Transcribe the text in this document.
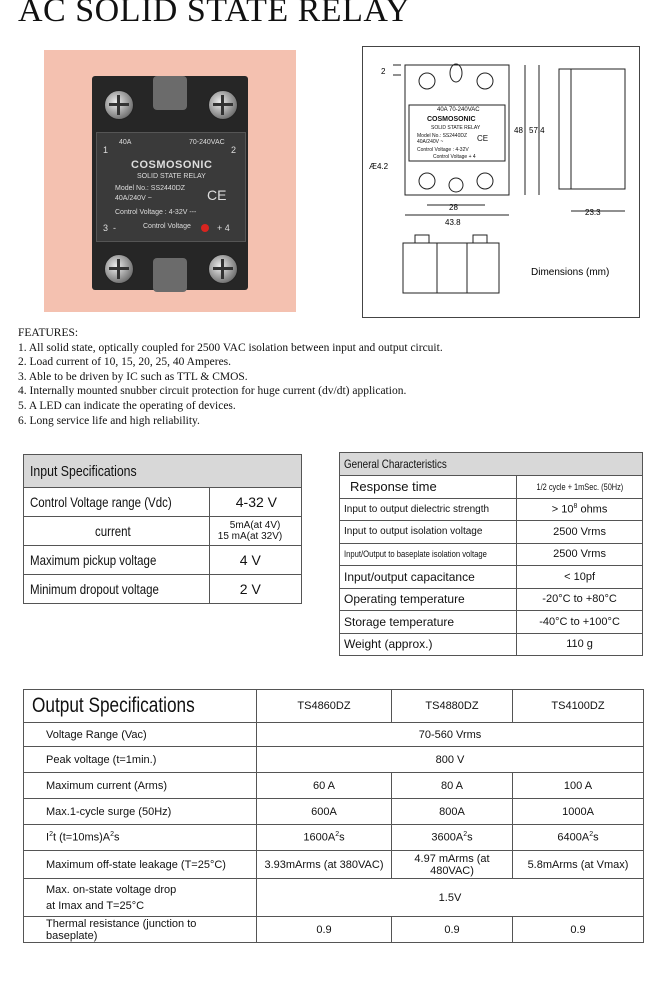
AC SOLID STATE RELAY
1
40A	70-240VAC
2
COSMOSONIC
SOLID STATE RELAY
Model No.: SS2440DZ
40A/240V ~	CE
Control Voltage : 4-32V ---
3 -	Control Voltage	+ 4
40A 70-240VAC
COSMOSONIC
SOLID STATE RELAY
Model No.: SS2440DZ
40A/240V ~
Control Voltage : 4-32V
Control Voltage + 4
CE
2
48 57.4
Æ4.2
28
43.8
23.3
Dimensions (mm)
FEATURES:
1. All solid state, optically coupled for 2500 VAC isolation between input and output circuit.
2. Load current of 10, 15, 20, 25, 40 Amperes.
3. Able to be driven by IC such as TTL & CMOS.
4. Internally mounted snubber circuit protection for huge current (dv/dt) application.
5. A LED can indicate the operating of devices.
6. Long service life and high reliability.
Input Specifications	
Control Voltage range (Vdc)	4-32 V
current	5mA(at 4V)
15 mA(at 32V)

Maximum pickup voltage	4 V
Minimum dropout voltage	2 V
General Characteristics	
Response time	1/2 cycle + 1mSec. (50Hz)
Input to output dielectric strength	> $10^8$ ohms
Input to output isolation voltage	2500 Vrms
Input/Output to baseplate isolation voltage	2500 Vrms
Input/output capacitance	< 10pf
Operating temperature	-20°C to +80°C
Storage temperature	-40°C to +100°C
Weight (approx.)	110 g
Output Specifications	TS4860DZ	TS4880DZ	TS4100DZ
Voltage Range (Vac)	70-560 Vrms		
Peak voltage (t=1min.)	800 V		
Maximum current (Arms)	60 A	80 A	100 A
Max.1-cycle surge (50Hz)	600A	800A	1000A
$I^2t$ $(t=10ms)A^2s$	$1600A^2s$	$3600A^2s$	$6400A^2s$
Maximum off-state leakage (T=25°C)	3.93mArms (at 380VAC)	4.97 mArms (at 480VAC)	5.8mArms (at Vmax)

Max. on-state voltage drop
at Imax and T=25°C	1.5V		
Thermal resistance (junction to baseplate)	0.9	0.9	0.9
